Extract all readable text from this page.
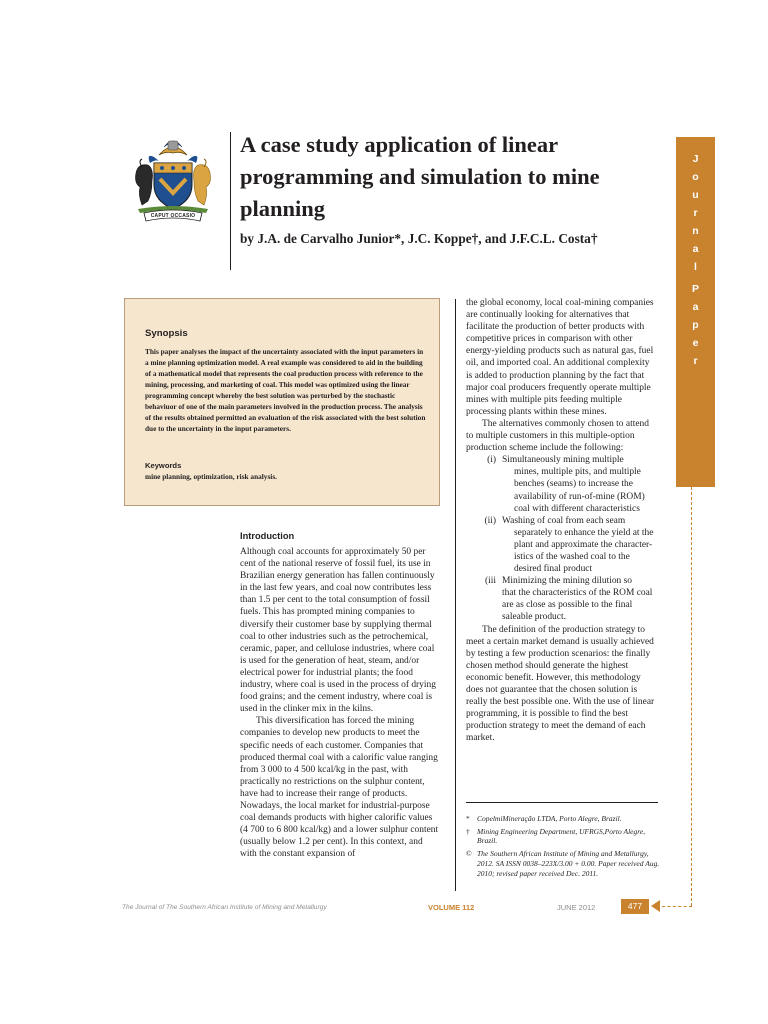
CAPUT OCCASIO
A case study application of linear programming and simulation to mine planning

by J.A. de Carvalho Junior*, J.C. Koppe†, and J.F.C.L. Costa†

J
o
u
r
n
a
l
P
a
p
e
r
Synopsis

This paper analyses the impact of the uncertainty associated with the input parameters in a mine planning optimization model. A real example was considered to aid in the building of a mathematical model that represents the coal production process with reference to the mining, processing, and marketing of coal. This model was optimized using the linear programming concept whereby the best solution was perturbed by the stochastic behaviuor of one of the main parameters involved in the production process. The analysis of the results obtained permitted an evaluation of the risk associated with the best solution due to the uncertainty in the input parameters.

Keywords

mine planning, optimization, risk analysis.

Introduction

Although coal accounts for approximately 50 per cent of the national reserve of fossil fuel, its use in Brazilian energy generation has fallen continuously in the last few years, and coal now contributes less than 1.5 per cent to the total consumption of fossil fuels. This has prompted mining companies to diversify their customer base by supplying thermal coal to other industries such as the petrochemical, ceramic, paper, and cellulose industries, where coal is used for the generation of heat, steam, and/or electrical power for industrial plants; the food industry, where coal is used in the process of drying food grains; and the cement industry, where coal is used in the clinker mix in the kilns.

This diversification has forced the mining companies to develop new products to meet the specific needs of each customer. Companies that produced thermal coal with a calorific value ranging from 3 000 to 4 500 kcal/kg in the past, with practically no restrictions on the sulphur content, have had to increase their range of products. Nowadays, the local market for industrial-purpose coal demands products with higher calorific values (4 700 to 6 800 kcal/kg) and a lower sulphur content (usually below 1.2 per cent). In this context, and with the constant expansion of

the global economy, local coal-mining companies are continually looking for alternatives that facilitate the production of better products with competitive prices in comparison with other energy-yielding products such as natural gas, fuel oil, and imported coal. An additional complexity is added to production planning by the fact that major coal producers frequently operate multiple mines with multiple pits feeding multiple processing plants within these mines.

The alternatives commonly chosen to attend to multiple customers in this multiple-option production scheme include the following:

(i) Simultaneously mining multiple

mines, multiple pits, and multiple benches (seams) to increase the availability of run-of-mine (ROM) coal with different characteristics

(ii) Washing of coal from each seam

separately to enhance the yield at the plant and approximate the character-istics of the washed coal to the desired final product

(iii Minimizing the mining dilution so

that the characteristics of the ROM coal are as close as possible to the final saleable product.

The definition of the production strategy to meet a certain market demand is usually achieved by testing a few production scenarios: the finally chosen method should generate the highest economic benefit. However, this methodology does not guarantee that the chosen solution is really the best possible one. With the use of linear programming, it is possible to find the best production strategy to meet the demand of each market.

* CopelmiMineração LTDA, Porto Alegre, Brazil.
† Mining Engineering Department, UFRGS,Porto Alegre, Brazil.
© The Southern African Institute of Mining and Metallurgy, 2012. SA ISSN 0038–223X/3.00 + 0.00. Paper received Aug. 2010; revised paper received Dec. 2011.

The Journal of The Southern African Institute of Mining and Metallurgy	VOLUME 112	JUNE 2012	477
